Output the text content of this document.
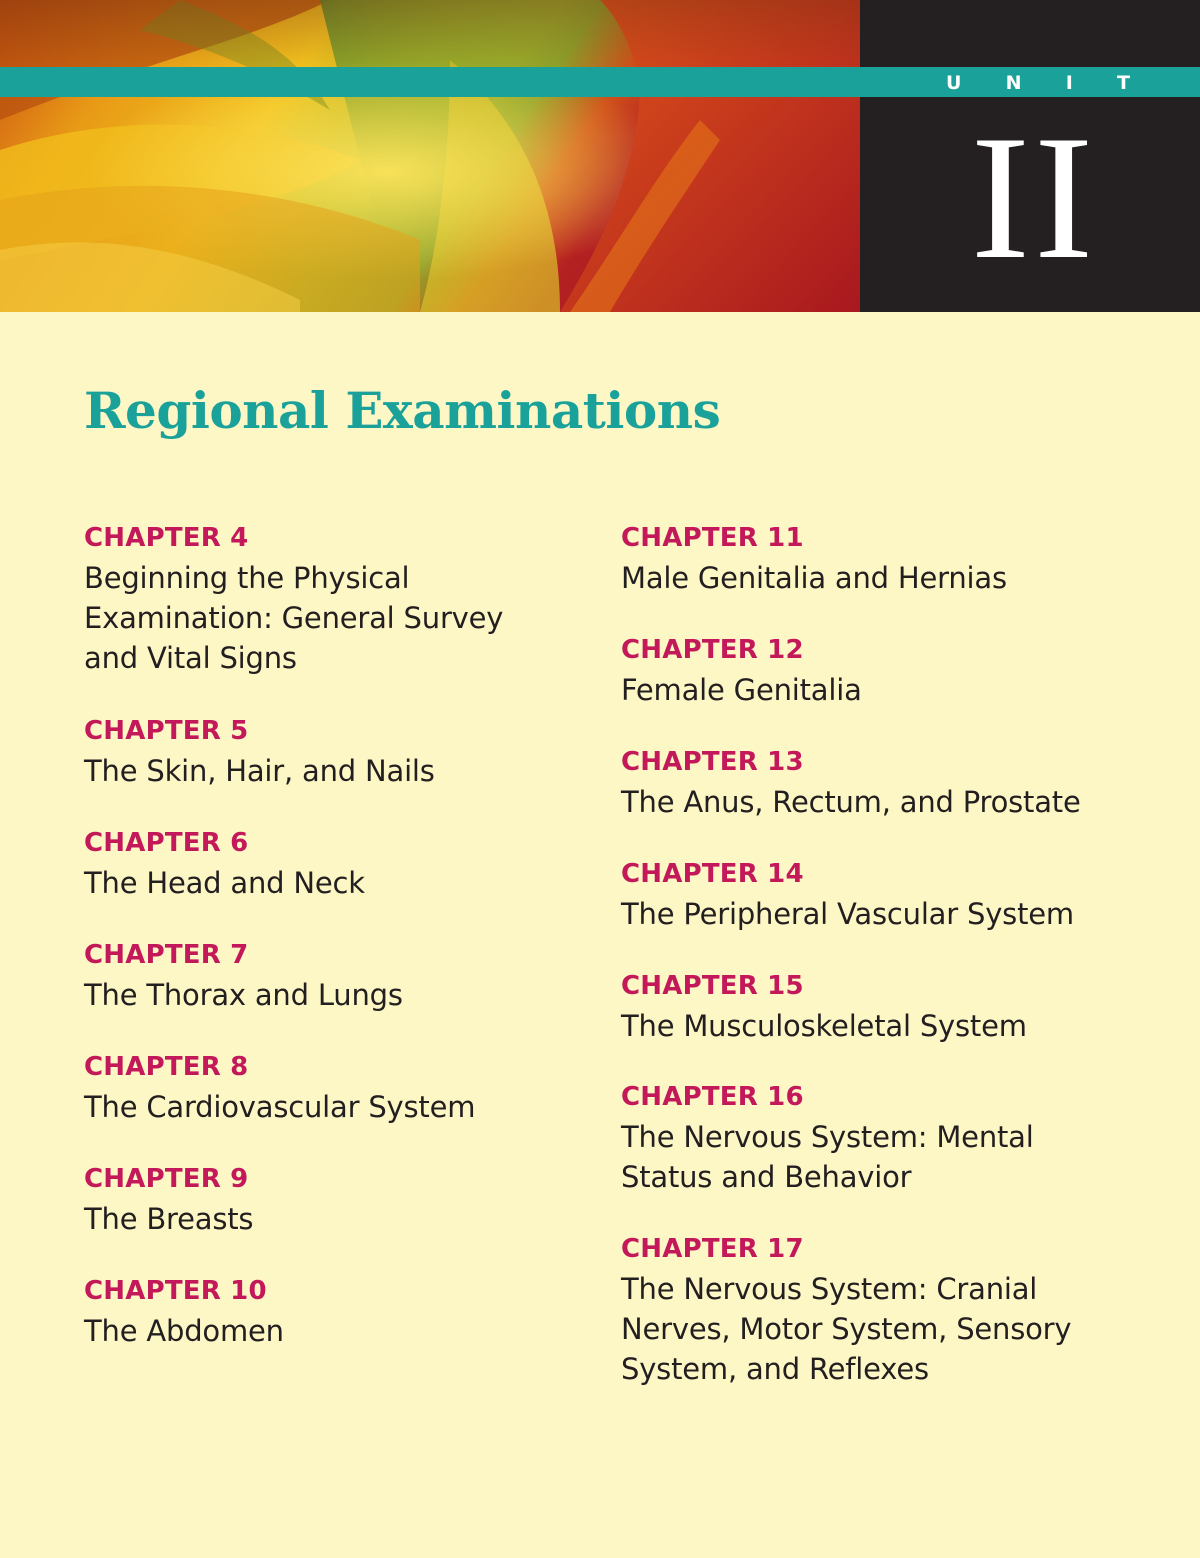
U N I T
II
Regional Examinations
CHAPTER 4
Beginning the Physical
Examination: General Survey
and Vital Signs
CHAPTER 5
The Skin, Hair, and Nails
CHAPTER 6
The Head and Neck
CHAPTER 7
The Thorax and Lungs
CHAPTER 8
The Cardiovascular System
CHAPTER 9
The Breasts
CHAPTER 10
The Abdomen
CHAPTER 11
Male Genitalia and Hernias
CHAPTER 12
Female Genitalia
CHAPTER 13
The Anus, Rectum, and Prostate
CHAPTER 14
The Peripheral Vascular System
CHAPTER 15
The Musculoskeletal System
CHAPTER 16
The Nervous System: Mental
Status and Behavior
CHAPTER 17
The Nervous System: Cranial
Nerves, Motor System, Sensory
System, and Reflexes
